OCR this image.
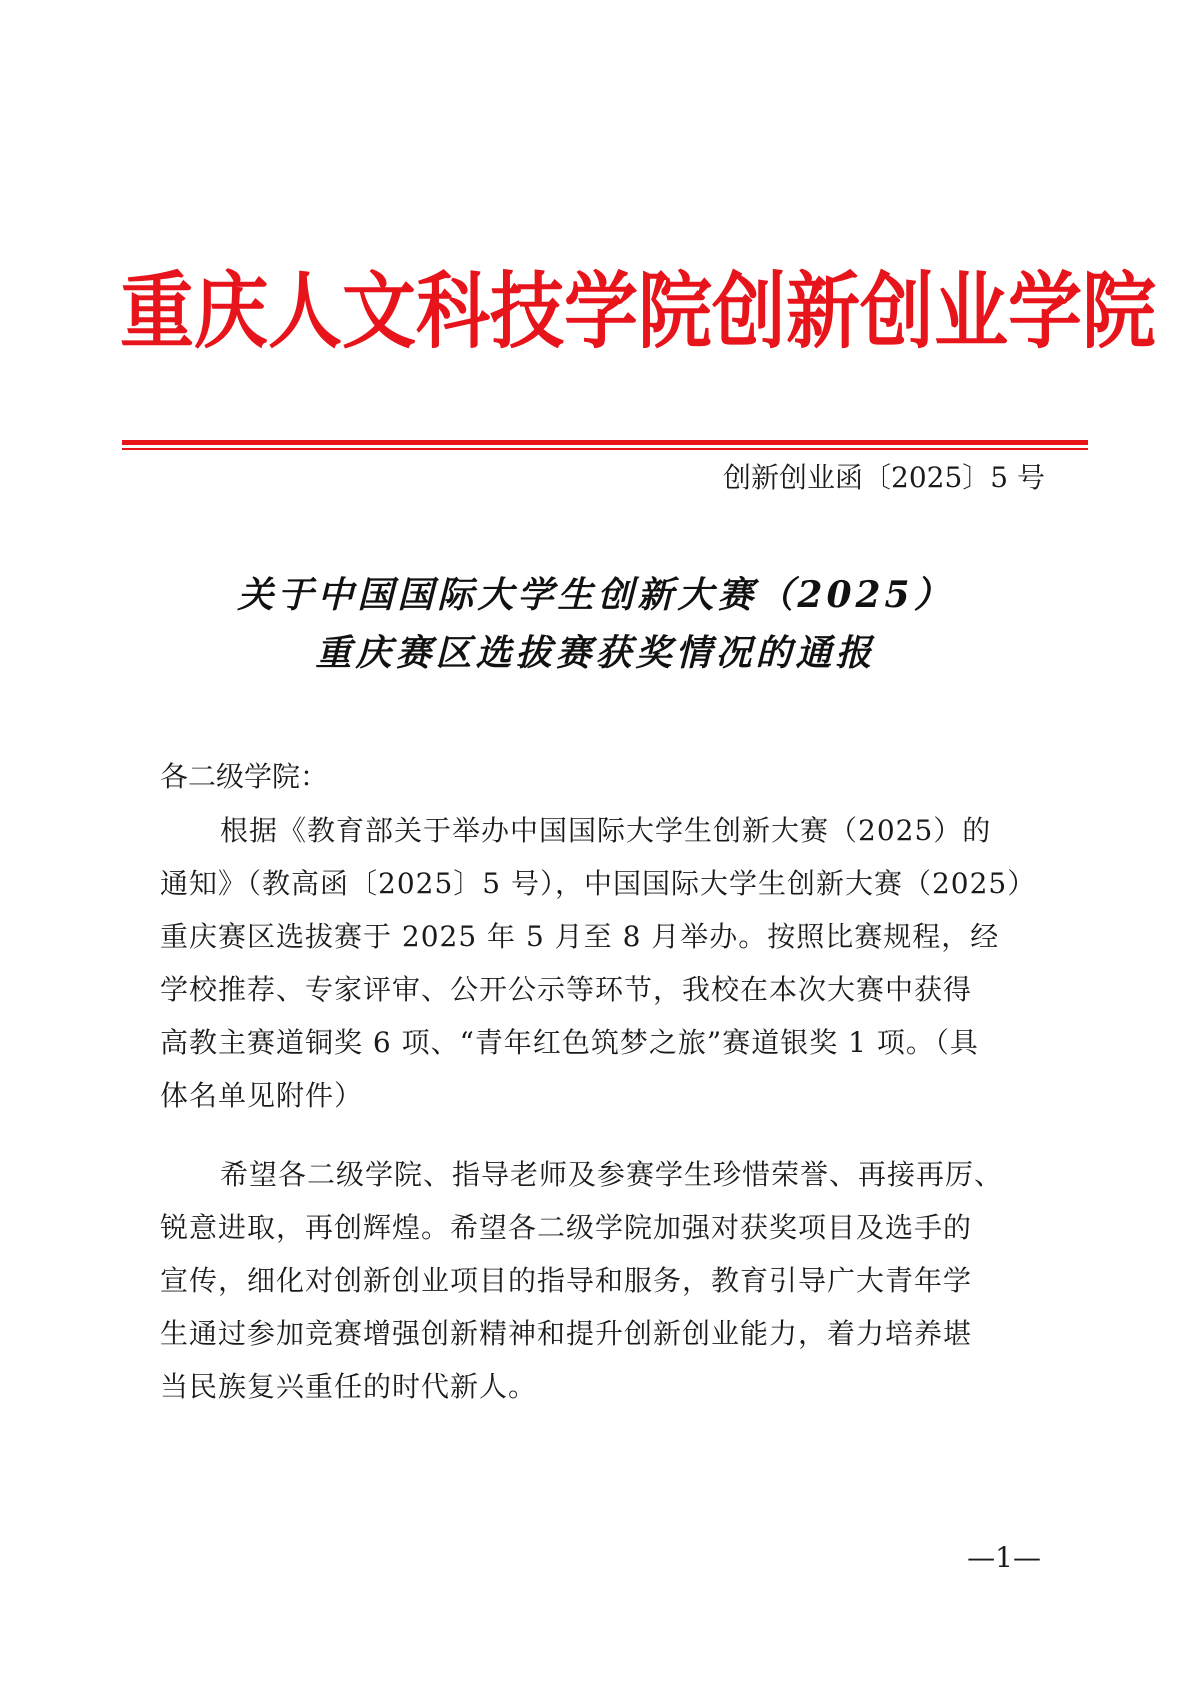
重庆人文科技学院创新创业学院
创新创业函〔2025〕5 号
关于中国国际大学生创新大赛（2025）
重庆赛区选拔赛获奖情况的通报
各二级学院：
根据《教育部关于举办中国国际大学生创新大赛（2025）的
通知》（教高函〔2025〕5 号），中国国际大学生创新大赛（2025）
重庆赛区选拔赛于 2025 年 5 月至 8 月举办。按照比赛规程，经
学校推荐、专家评审、公开公示等环节，我校在本次大赛中获得
高教主赛道铜奖 6 项、“青年红色筑梦之旅”赛道银奖 1 项。（具
体名单见附件）
希望各二级学院、指导老师及参赛学生珍惜荣誉、再接再厉、
锐意进取，再创辉煌。希望各二级学院加强对获奖项目及选手的
宣传，细化对创新创业项目的指导和服务，教育引导广大青年学
生通过参加竞赛增强创新精神和提升创新创业能力，着力培养堪
当民族复兴重任的时代新人。
—1—
